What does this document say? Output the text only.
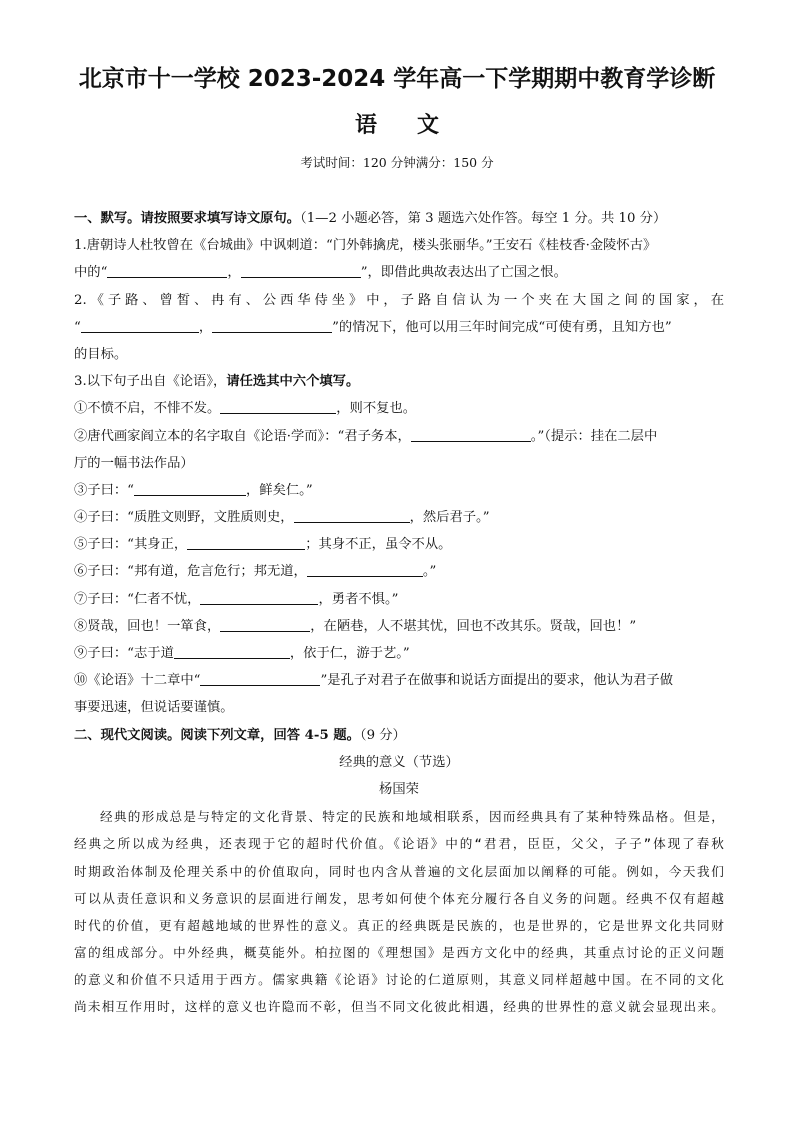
北京市十一学校 2023-2024 学年高一下学期期中教育学诊断
语文
考试时间：120 分钟满分：150 分
一、默写。请按照要求填写诗文原句。（1—2 小题必答，第 3 题选六处作答。每空 1 分。共 10 分）
1.唐朝诗人杜牧曾在《台城曲》中讽刺道：“门外韩擒虎，楼头张丽华。”王安石《桂枝香·金陵怀古》
中的“	，	”，即借此典故表达出了亡国之恨。
2.《子路、曾皙、冉有、公西华侍坐》中，子路自信认为一个夹在大国之间的国家，在
“	，	”的情况下，他可以用三年时间完成“可使有勇，且知方也”
的目标。
3.以下句子出自《论语》，请任选其中六个填写。
①不愤不启，不悱不发。	，则不复也。
②唐代画家阎立本的名字取自《论语·学而》：“君子务本，	。”（提示：挂在二层中
厅的一幅书法作品）
③子曰：“	，鲜矣仁。”
④子曰：“质胜文则野，文胜质则史，	，然后君子。”
⑤子曰：“其身正，	；其身不正，虽令不从。
⑥子曰：“邦有道，危言危行；邦无道，	。”
⑦子曰：“仁者不忧，	，勇者不惧。”
⑧贤哉，回也！一箪食，	，在陋巷，人不堪其忧，回也不改其乐。贤哉，回也！”
⑨子曰：“志于道	，依于仁，游于艺。”
⑩《论语》十二章中“	”是孔子对君子在做事和说话方面提出的要求，他认为君子做
事要迅速，但说话要谨慎。
二、现代文阅读。阅读下列文章，回答 4-5 题。（9 分）
经典的意义（节选）
杨国荣
经典的形成总是与特定的文化背景、特定的民族和地域相联系，因而经典具有了某种特殊品格。但是，
经典之所以成为经典，还表现于它的超时代价值。《论语》中的“君君，臣臣，父父，子子”体现了春秋
时期政治体制及伦理关系中的价值取向，同时也内含从普遍的文化层面加以阐释的可能。例如，今天我们
可以从责任意识和义务意识的层面进行阐发，思考如何使个体充分履行各自义务的问题。经典不仅有超越
时代的价值，更有超越地域的世界性的意义。真正的经典既是民族的，也是世界的，它是世界文化共同财
富的组成部分。中外经典，概莫能外。柏拉图的《理想国》是西方文化中的经典，其重点讨论的正义问题
的意义和价值不只适用于西方。儒家典籍《论语》讨论的仁道原则，其意义同样超越中国。在不同的文化
尚未相互作用时，这样的意义也许隐而不彰，但当不同文化彼此相遇，经典的世界性的意义就会显现出来。
